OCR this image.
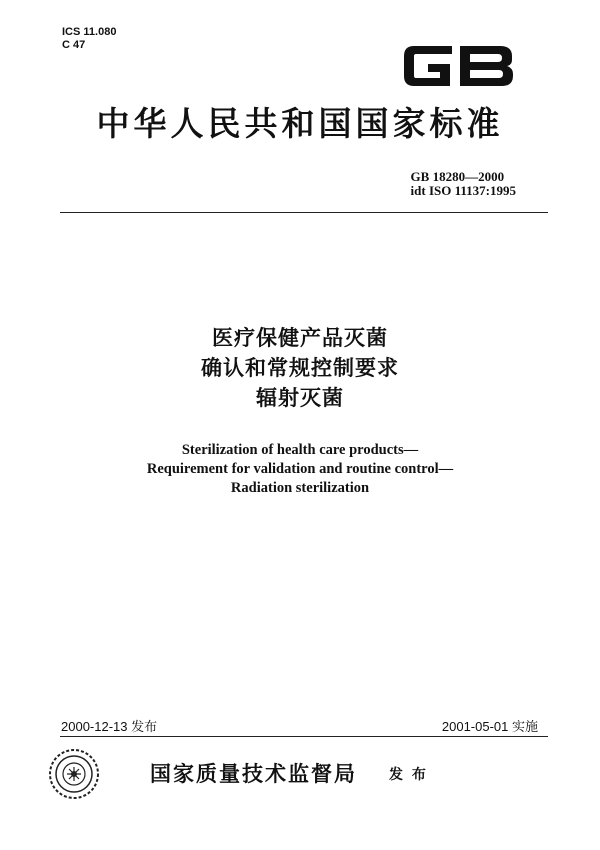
ICS 11.080
C 47
中华人民共和国国家标准
GB 18280—2000
idt ISO 11137:1995
医疗保健产品灭菌
确认和常规控制要求
辐射灭菌
Sterilization of health care products—
Requirement for validation and routine control—
Radiation sterilization
2000-12-13 发布	2001-05-01 实施
国家质量技术监督局 发 布
